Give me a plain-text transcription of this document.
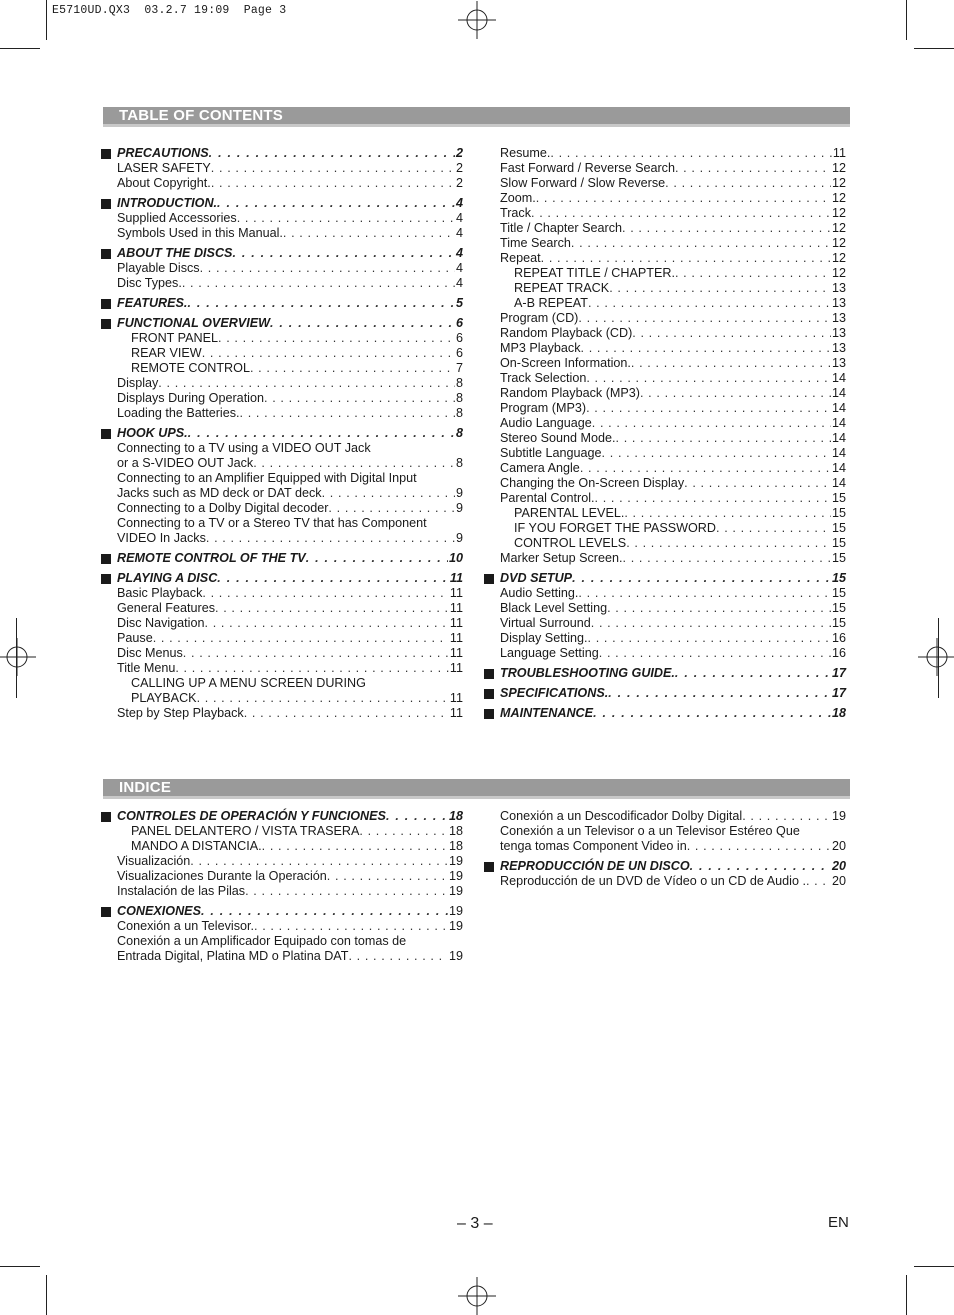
E5710UD.QX3  03.2.7 19:09  Page 3
TABLE OF CONTENTS
PRECAUTIONS . . .	2
LASER SAFETY . . .	2
About Copyright. . . .	2
INTRODUCTION. . . .	4
Supplied Accessories . . .	4
Symbols Used in this Manual. . . .	4
ABOUT THE DISCS . . .	4
Playable Discs . . .	4
Disc Types. . . .	4
FEATURES. . . .	5
FUNCTIONAL OVERVIEW . . .	6
FRONT PANEL . . .	6
REAR VIEW . . .	6
REMOTE CONTROL . . .	7
Display . . .	8
Displays During Operation . . .	8
Loading the Batteries. . . .	8
HOOK UPS. . . .	8
Connecting to a TV using a VIDEO OUT Jack
or a S-VIDEO OUT Jack . . .	8
Connecting to an Amplifier Equipped with Digital Input
Jacks such as MD deck or DAT deck . . .	9
Connecting to a Dolby Digital decoder . . .	9
Connecting to a TV or a Stereo TV that has Component
VIDEO In Jacks . . .	9
REMOTE CONTROL OF THE TV . . .	10
PLAYING A DISC . . .	11
Basic Playback . . .	11
General Features . . .	11
Disc Navigation . . .	11
Pause . . .	11
Disc Menus . . .	11
Title Menu . . .	11
CALLING UP A MENU SCREEN DURING
PLAYBACK . . .	11
Step by Step Playback . . .	11
Resume. . . .	11
Fast Forward / Reverse Search . . .	12
Slow Forward / Slow Reverse . . .	12
Zoom. . . .	12
Track . . .	12
Title / Chapter Search . . .	12
Time Search . . .	12
Repeat . . .	12
REPEAT TITLE / CHAPTER. . . .	12
REPEAT TRACK . . .	13
A-B REPEAT . . .	13
Program (CD) . . .	13
Random Playback (CD) . . .	13
MP3 Playback . . .	13
On-Screen Information. . . .	13
Track Selection . . .	14
Random Playback (MP3) . . .	14
Program (MP3) . . .	14
Audio Language . . .	14
Stereo Sound Mode. . . .	14
Subtitle Language . . .	14
Camera Angle . . .	14
Changing the On-Screen Display . . .	14
Parental Control. . . .	15
PARENTAL LEVEL. . . .	15
IF YOU FORGET THE PASSWORD . . .	15
CONTROL LEVELS . . .	15
Marker Setup Screen. . . .	15
DVD SETUP . . .	15
Audio Setting. . . .	15
Black Level Setting . . .	15
Virtual Surround . . .	15
Display Setting. . . .	16
Language Setting . . .	16
TROUBLESHOOTING GUIDE. . . .	17
SPECIFICATIONS. . . .	17
MAINTENANCE . . .	18
INDICE
CONTROLES DE OPERACIÓN Y FUNCIONES . . .	18
PANEL DELANTERO / VISTA TRASERA . . .	18
MANDO A DISTANCIA. . . .	18
Visualización . . .	19
Visualizaciones Durante la Operación . . .	19
Instalación de las Pilas . . .	19
CONEXIONES . . .	19
Conexión a un Televisor. . . .	19
Conexión a un Amplificador Equipado con tomas de
Entrada Digital, Platina MD o Platina DAT . . .	19
Conexión a un Descodificador Dolby Digital . . .	19
Conexión a un Televisor o a un Televisor Estéreo Que
tenga tomas Component Video in . . .	20
REPRODUCCIÓN DE UN DISCO . . .	20
Reproducción de un DVD de Vídeo o un CD de Audio . . . . 20
– 3 –	EN
